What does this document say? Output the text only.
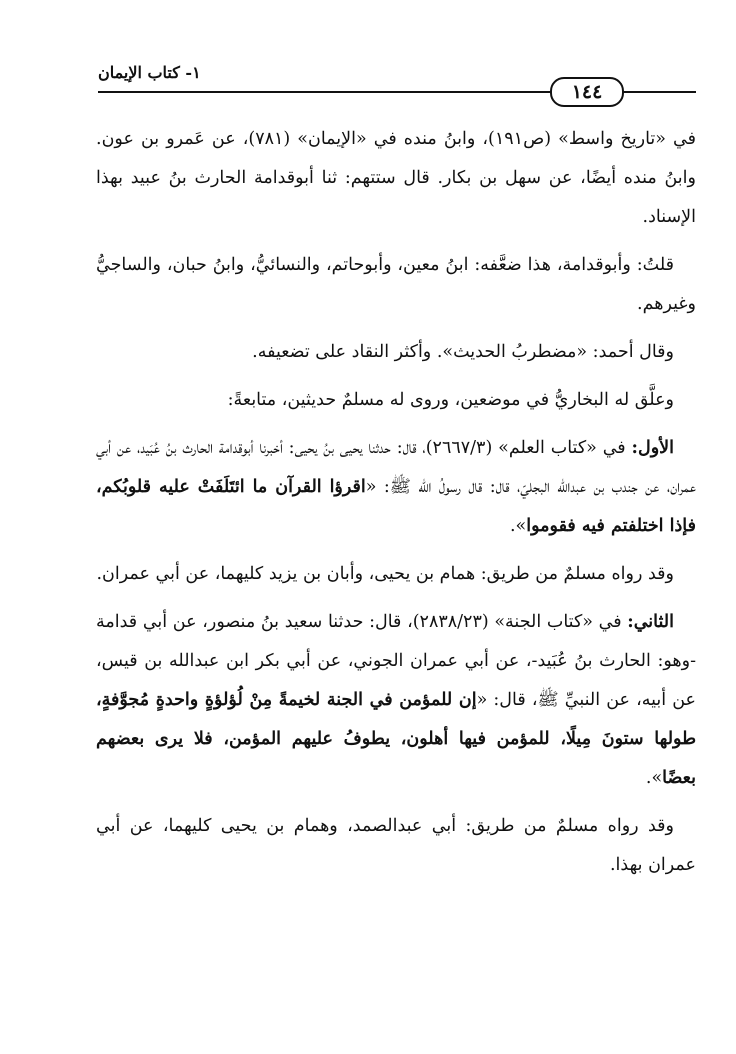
١٤٤
١- كتاب الإيمان

في «تاريخ واسط» (ص١٩١)، وابنُ منده في «الإيمان» (٧٨١)، عن عَمرو بن عون. وابنُ منده أيضًا، عن سهل بن بكار. قال ستتهم: ثنا أبوقدامة الحارث بنُ عبيد بهذا الإسناد.

قلتُ: وأبوقدامة، هذا ضعَّفه: ابنُ معين، وأبوحاتم، والنسائيُّ، وابنُ حبان، والساجيُّ وغيرهم.

وقال أحمد: «مضطربُ الحديث». وأكثر النقاد على تضعيفه.

وعلَّق له البخاريُّ في موضعين، وروى له مسلمٌ حديثين، متابعةً:

الأول: في «كتاب العلم» (٢٦٦٧/٣)، قال: حدثنا يحيى بنُ يحيى: أخبرنا أبوقدامة الحارث بنُ عُبَيد، عن أبي عمران، عن جندب بن عبدالله البجليّ، قال: قال رسولُ الله ﷺ: «اقرؤا القرآن ما ائتَلَفَتْ عليه قلوبُكم، فإذا اختلفتم فيه فقوموا».

وقد رواه مسلمٌ من طريق: همام بن يحيى، وأبان بن يزيد كليهما، عن أبي عمران.

الثاني: في «كتاب الجنة» (٢٨٣٨/٢٣)، قال: حدثنا سعيد بنُ منصور، عن أبي قدامة -وهو: الحارث بنُ عُبَيد-، عن أبي عمران الجوني، عن أبي بكر ابن عبدالله بن قيس، عن أبيه، عن النبيِّ ﷺ، قال: «إن للمؤمن في الجنة لخيمةً مِنْ لُؤلؤةٍ واحدةٍ مُجوَّفةٍ، طولها ستونَ مِيلًا، للمؤمن فيها أهلون، يطوفُ عليهم المؤمن، فلا يرى بعضهم بعضًا».

وقد رواه مسلمٌ من طريق: أبي عبدالصمد، وهمام بن يحيى كليهما، عن أبي عمران بهذا.
